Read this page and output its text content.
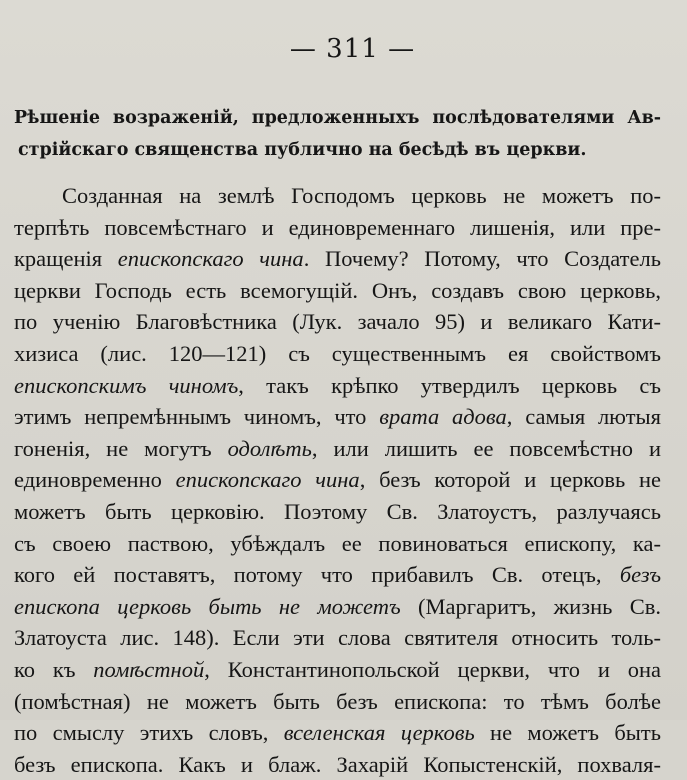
— 311 —
Рѣшеніе возраженій, предложенныхъ послѣдователями Ав-
стрійскаго священства публично на бесѣдѣ въ церкви.
Созданная на землѣ Господомъ церковь не можетъ по-
терпѣть повсемѣстнаго и единовременнаго лишенія, или пре-
кращенія епископскаго чина. Почему? Потому, что Создатель
церкви Господь есть всемогущій. Онъ, создавъ свою церковь,
по ученію Благовѣстника (Лук. зачало 95) и великаго Кати-
хизиса (лис. 120—121) съ существеннымъ ея свойствомъ
епископскимъ чиномъ, такъ крѣпко утвердилъ церковь съ
этимъ непремѣннымъ чиномъ, что врата адова, самыя лютыя
гоненія, не могутъ одолѣть, или лишить ее повсемѣстно и
единовременно епископскаго чина, безъ которой и церковь не
можетъ быть церковію. Поэтому Св. Златоустъ, разлучаясь
съ своею паствою, убѣждалъ ее повиноваться епископу, ка-
кого ей поставятъ, потому что прибавилъ Св. отецъ, безъ
епископа церковь быть не можетъ (Маргаритъ, жизнь Св.
Златоуста лис. 148). Если эти слова святителя относить толь-
ко къ помѣстной, Константинопольской церкви, что и она
(помѣстная) не можетъ быть безъ епископа: то тѣмъ болѣе
по смыслу этихъ словъ, вселенская церковь не можетъ быть
безъ епископа. Какъ и блаж. Захарій Копыстенскій, похваля-
